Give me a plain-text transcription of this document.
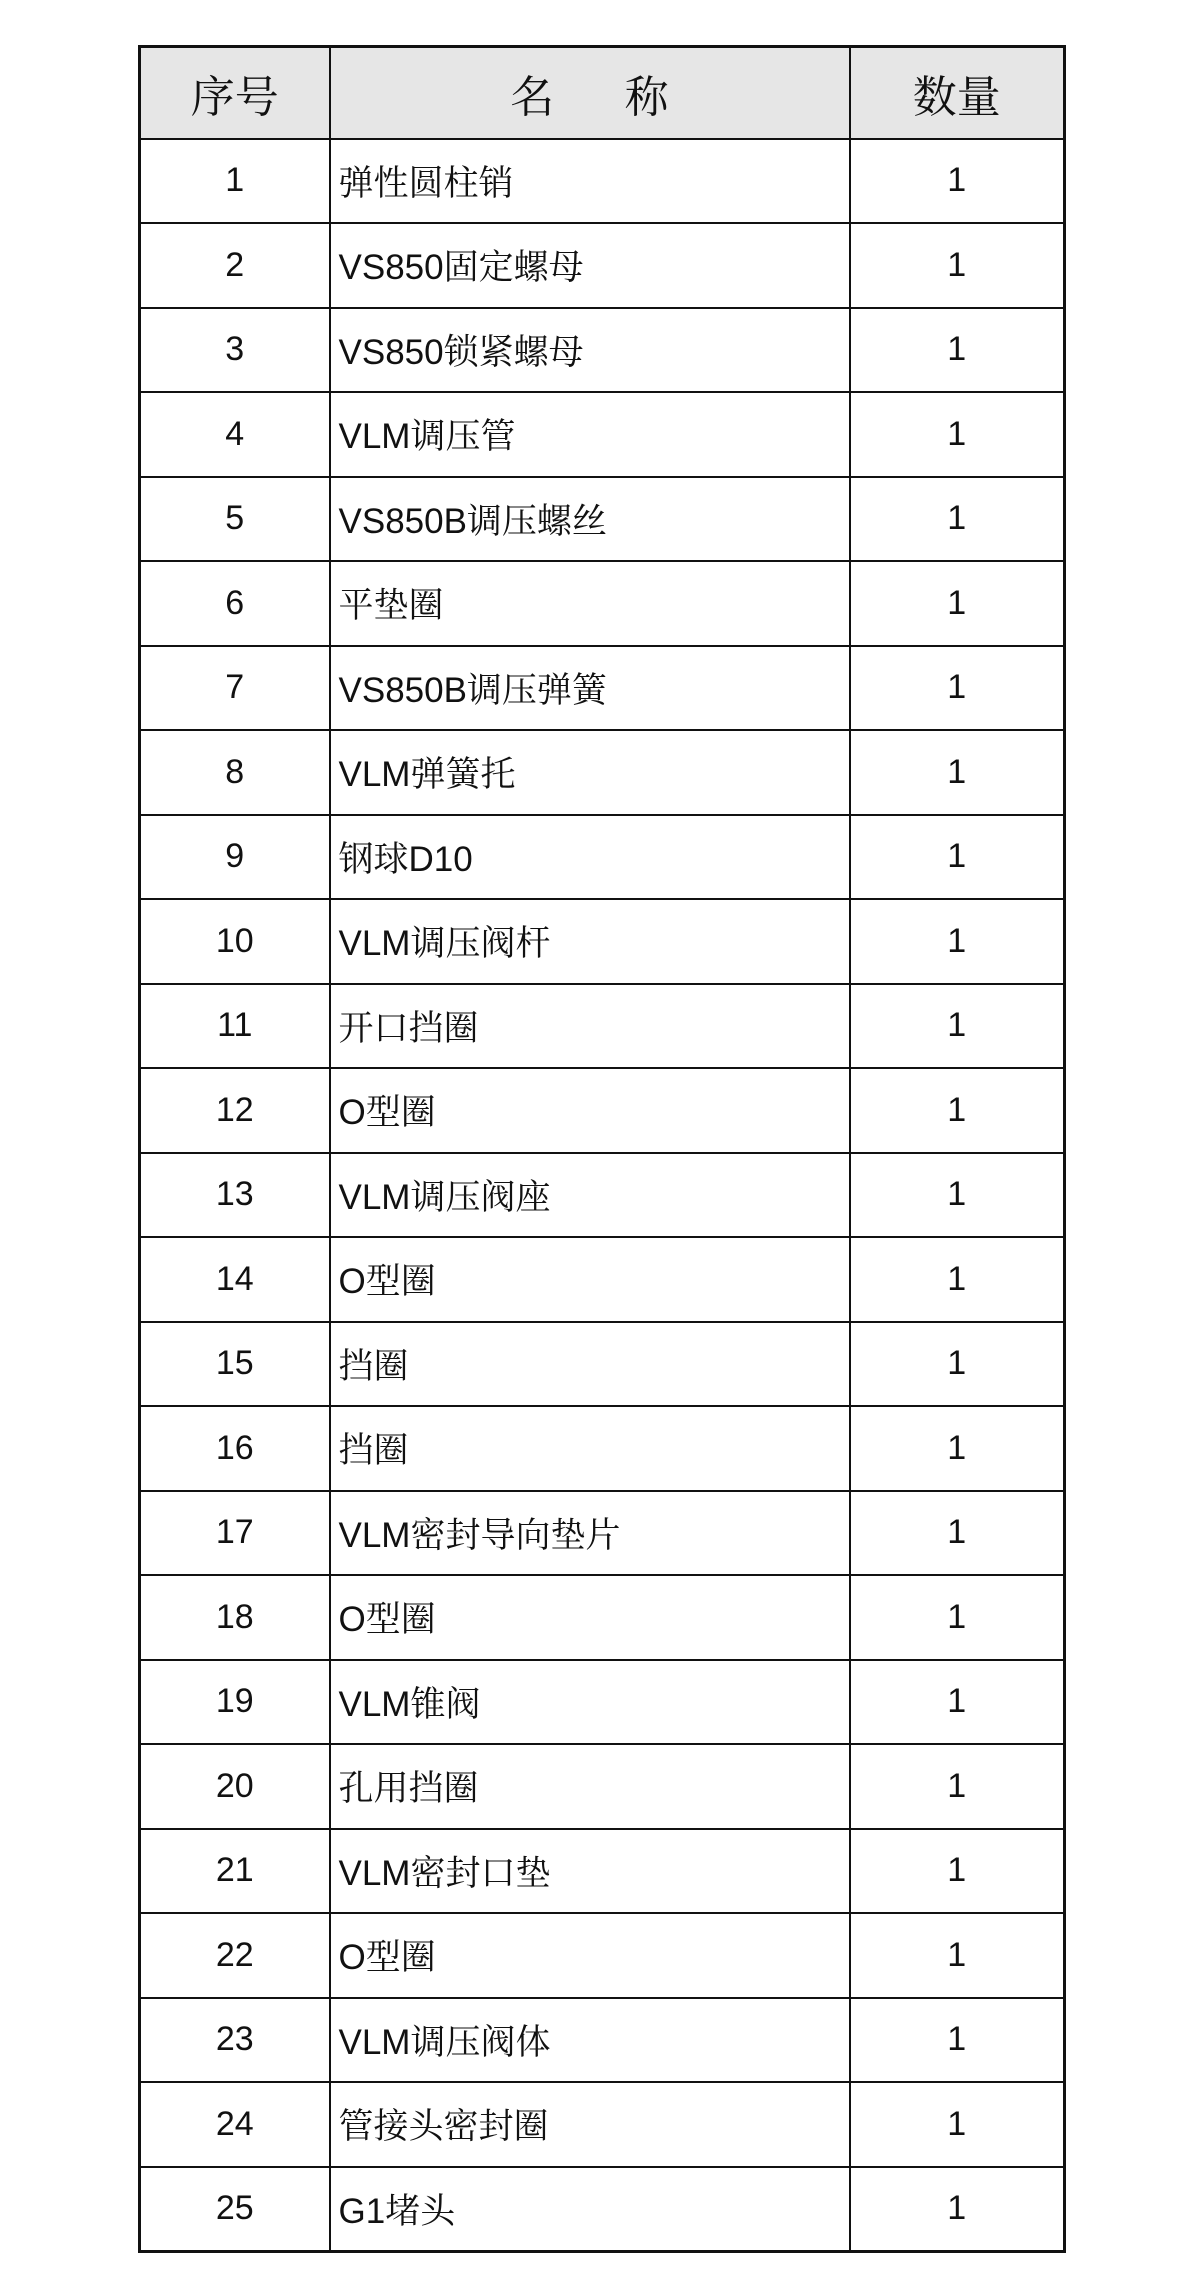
序号	名称	数量
1	弹性圆柱销	1
2	VS850固定螺母	1
3	VS850锁紧螺母	1
4	VLM调压管	1
5	VS850B调压螺丝	1
6	平垫圈	1
7	VS850B调压弹簧	1
8	VLM弹簧托	1
9	钢球D10	1
10	VLM调压阀杆	1
11	开口挡圈	1
12	O型圈	1
13	VLM调压阀座	1
14	O型圈	1
15	挡圈	1
16	挡圈	1
17	VLM密封导向垫片	1
18	O型圈	1
19	VLM锥阀	1
20	孔用挡圈	1
21	VLM密封口垫	1
22	O型圈	1
23	VLM调压阀体	1
24	管接头密封圈	1
25	G1堵头	1
